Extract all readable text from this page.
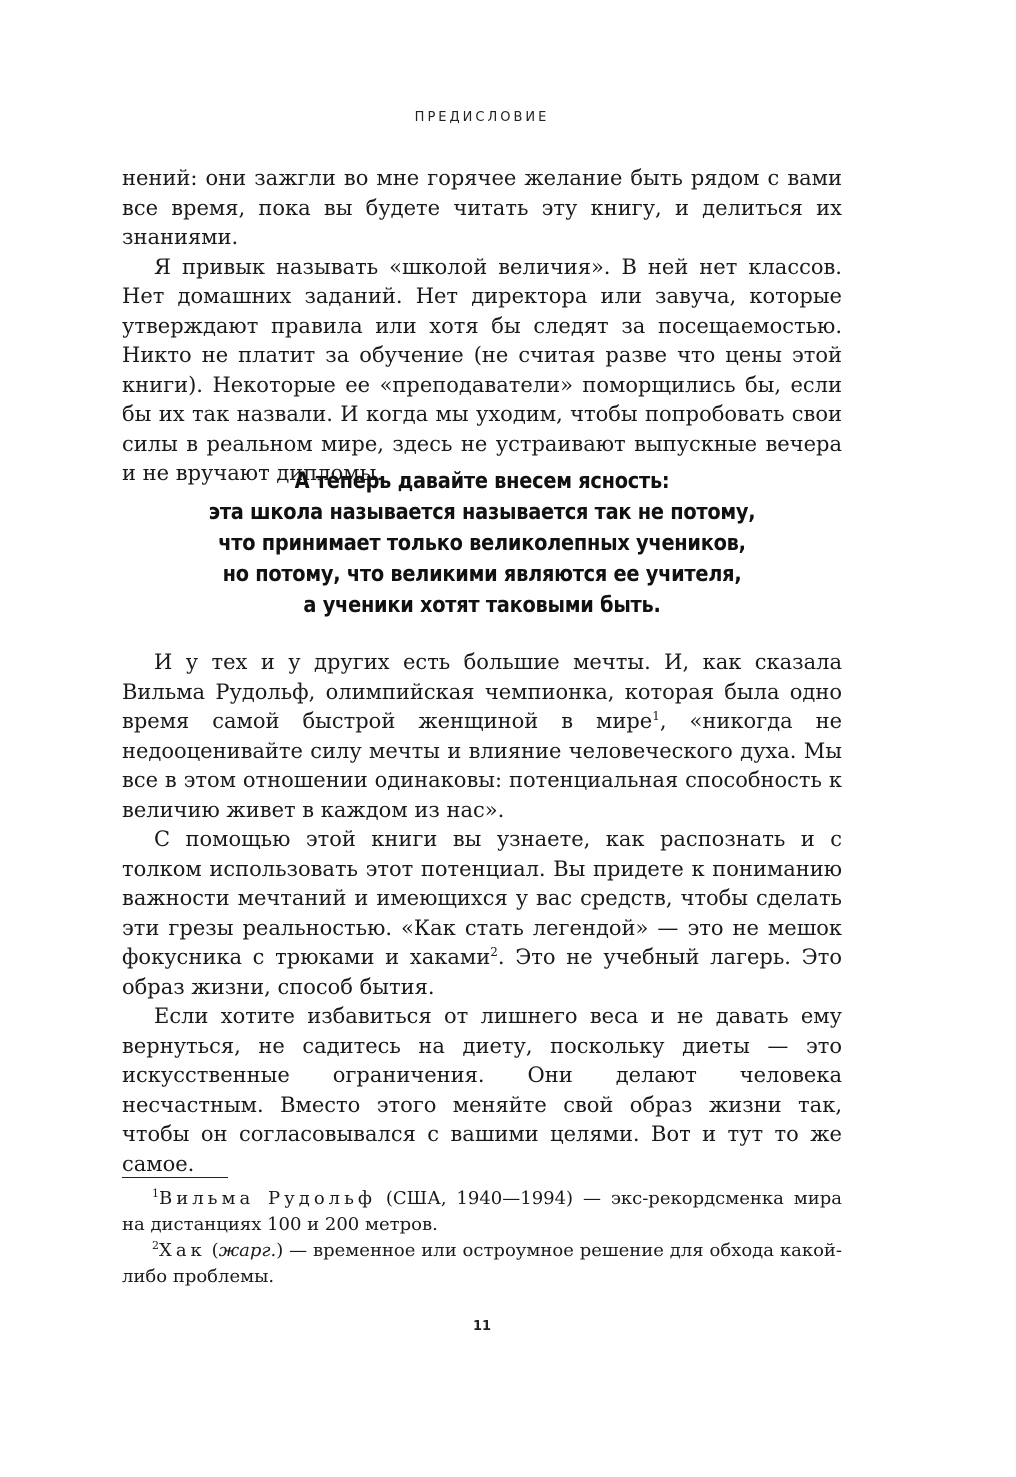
ПРЕДИСЛОВИЕ

нений: они зажгли во мне горячее желание быть рядом с вами все время, пока вы будете читать эту книгу, и делиться их знаниями.

Я привык называть «школой величия». В ней нет классов. Нет домашних заданий. Нет директора или завуча, которые утверждают правила или хотя бы следят за посещаемостью. Никто не платит за обучение (не считая разве что цены этой книги). Некоторые ее «преподаватели» поморщились бы, если бы их так назвали. И когда мы уходим, чтобы попробовать свои силы в реальном мире, здесь не устраивают выпускные вечера и не вручают дипломы.

А теперь давайте внесем ясность:
эта школа называется называется так не потому,
что принимает только великолепных учеников,
но потому, что великими являются ее учителя,
а ученики хотят таковыми быть.

И у тех и у других есть большие мечты. И, как сказала Вильма Рудольф, олимпийская чемпионка, которая была одно время самой быстрой женщиной в мире$^1$, «никогда не недооценивайте силу мечты и влияние человеческого духа. Мы все в этом отношении одинаковы: потенциальная способность к величию живет в каждом из нас».

С помощью этой книги вы узнаете, как распознать и с толком использовать этот потенциал. Вы придете к пониманию важности мечтаний и имеющихся у вас средств, чтобы сделать эти грезы реальностью. «Как стать легендой» — это не мешок фокусника с трюками и хаками$^2$. Это не учебный лагерь. Это образ жизни, способ бытия.

Если хотите избавиться от лишнего веса и не давать ему вернуться, не садитесь на диету, поскольку диеты — это искусственные ограничения. Они делают человека несчастным. Вместо этого меняйте свой образ жизни так, чтобы он согласовывался с вашими целями. Вот и тут то же самое.

$^1$Вильма Рудольф (США, 1940—1994) — экс-рекордсменка мира на дистанциях 100 и 200 метров.

$^2$Хак (жарг.) — временное или остроумное решение для обхода какой-либо проблемы.

11
